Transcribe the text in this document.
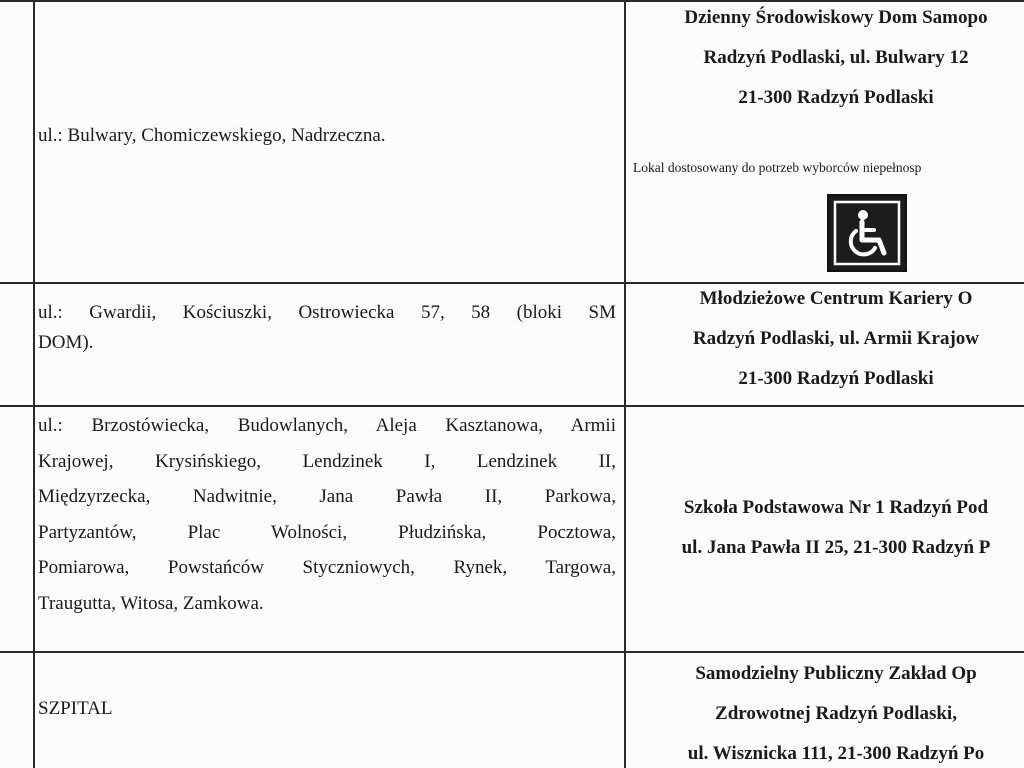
ul.: Bulwary, Chomiczewskiego, Nadrzeczna.
Dzienny Środowiskowy Dom Samopo
Radzyń Podlaski, ul. Bulwary 12
21-300 Radzyń Podlaski
Lokal dostosowany do potrzeb wyborców niepełnosp
ul.: Gwardii, Kościuszki, Ostrowiecka 57, 58 (bloki SM
DOM).
Młodzieżowe Centrum Kariery O
Radzyń Podlaski, ul. Armii Krajow
21-300 Radzyń Podlaski
ul.: Brzostówiecka, Budowlanych, Aleja Kasztanowa, Armii
Krajowej, Krysińskiego, Lendzinek I, Lendzinek II,
Międzyrzecka, Nadwitnie, Jana Pawła II, Parkowa,
Partyzantów, Plac Wolności, Płudzińska, Pocztowa,
Pomiarowa, Powstańców Styczniowych, Rynek, Targowa,
Traugutta, Witosa, Zamkowa.
Szkoła Podstawowa Nr 1 Radzyń Pod
ul. Jana Pawła II 25, 21-300 Radzyń P
SZPITAL
Samodzielny Publiczny Zakład Op
Zdrowotnej Radzyń Podlaski,
ul. Wisznicka 111, 21-300 Radzyń Po
